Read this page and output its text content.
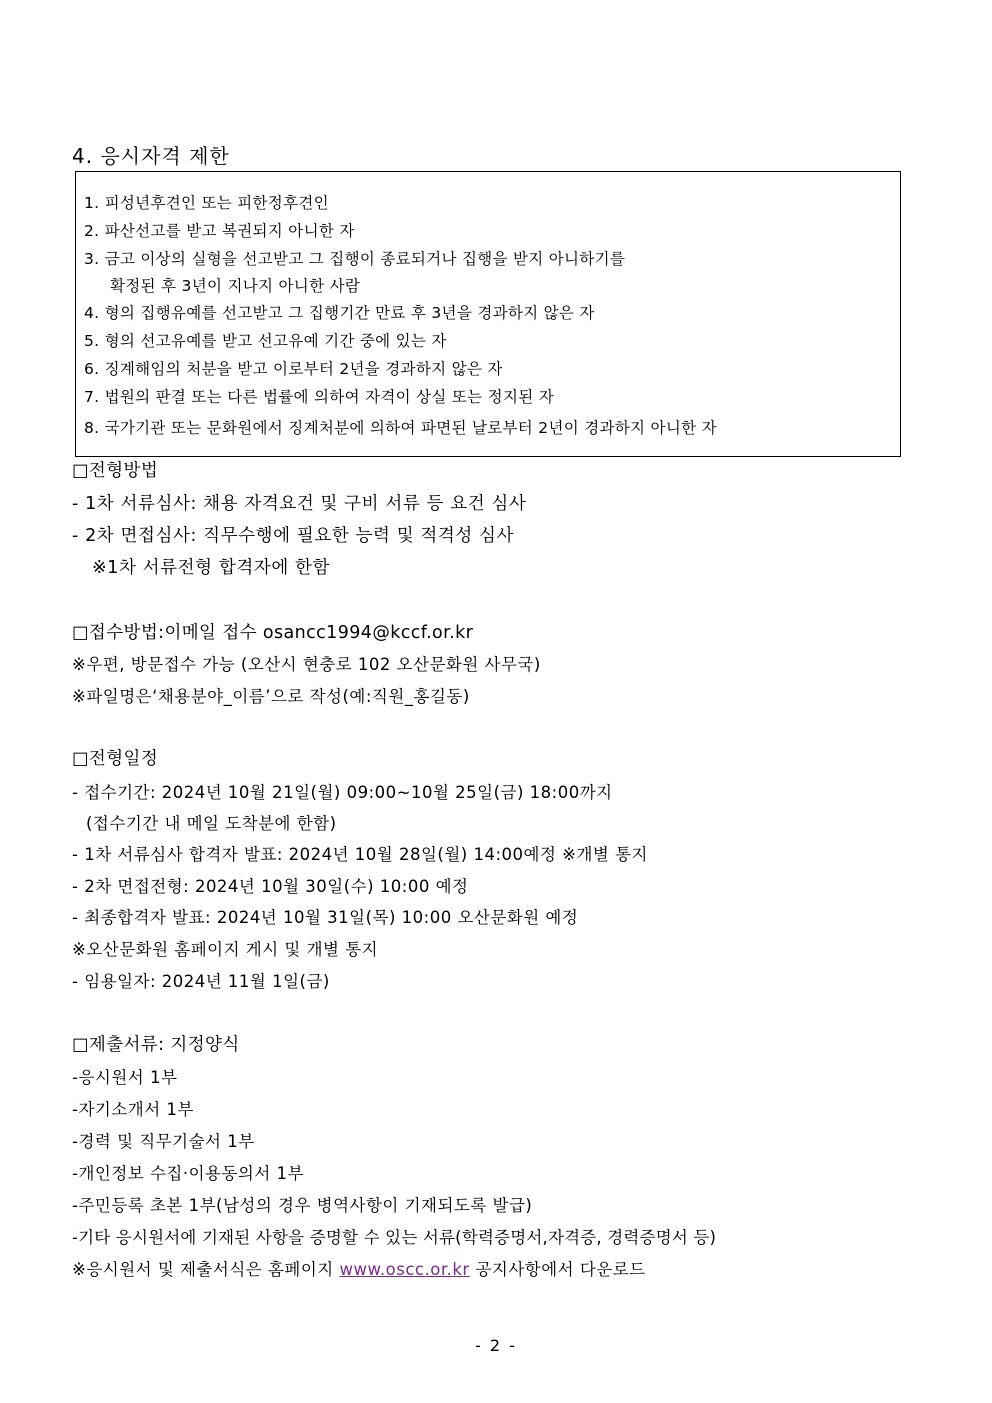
4. 응시자격 제한
1. 피성년후견인 또는 피한정후견인
2. 파산선고를 받고 복권되지 아니한 자
3. 금고 이상의 실형을 선고받고 그 집행이 종료되거나 집행을 받지 아니하기를
확정된 후 3년이 지나지 아니한 사람
4. 형의 집행유예를 선고받고 그 집행기간 만료 후 3년을 경과하지 않은 자
5. 형의 선고유예를 받고 선고유예 기간 중에 있는 자
6. 징계해임의 처분을 받고 이로부터 2년을 경과하지 않은 자
7. 법원의 판결 또는 다른 법률에 의하여 자격이 상실 또는 정지된 자
8. 국가기관 또는 문화원에서 징계처분에 의하여 파면된 날로부터 2년이 경과하지 아니한 자
□전형방법
- 1차 서류심사: 채용 자격요건 및 구비 서류 등 요건 심사
- 2차 면접심사: 직무수행에 필요한 능력 및 적격성 심사
※1차 서류전형 합격자에 한함
□접수방법:이메일 접수 osancc1994@kccf.or.kr
※우편, 방문접수 가능 (오산시 현충로 102 오산문화원 사무국)
※파일명은‘채용분야_이름’으로 작성(예:직원_홍길동)
□전형일정
- 접수기간: 2024년 10월 21일(월) 09:00~10월 25일(금) 18:00까지
(접수기간 내 메일 도착분에 한함)
- 1차 서류심사 합격자 발표: 2024년 10월 28일(월) 14:00예정 ※개별 통지
- 2차 면접전형: 2024년 10월 30일(수) 10:00 예정
- 최종합격자 발표: 2024년 10월 31일(목) 10:00 오산문화원 예정
※오산문화원 홈페이지 게시 및 개별 통지
- 임용일자: 2024년 11월 1일(금)
□제출서류: 지정양식
-응시원서 1부
-자기소개서 1부
-경력 및 직무기술서 1부
-개인정보 수집·이용동의서 1부
-주민등록 초본 1부(남성의 경우 병역사항이 기재되도록 발급)
-기타 응시원서에 기재된 사항을 증명할 수 있는 서류(학력증명서,자격증, 경력증명서 등)
※응시원서 및 제출서식은 홈페이지 www.oscc.or.kr 공지사항에서 다운로드
- 2 -
